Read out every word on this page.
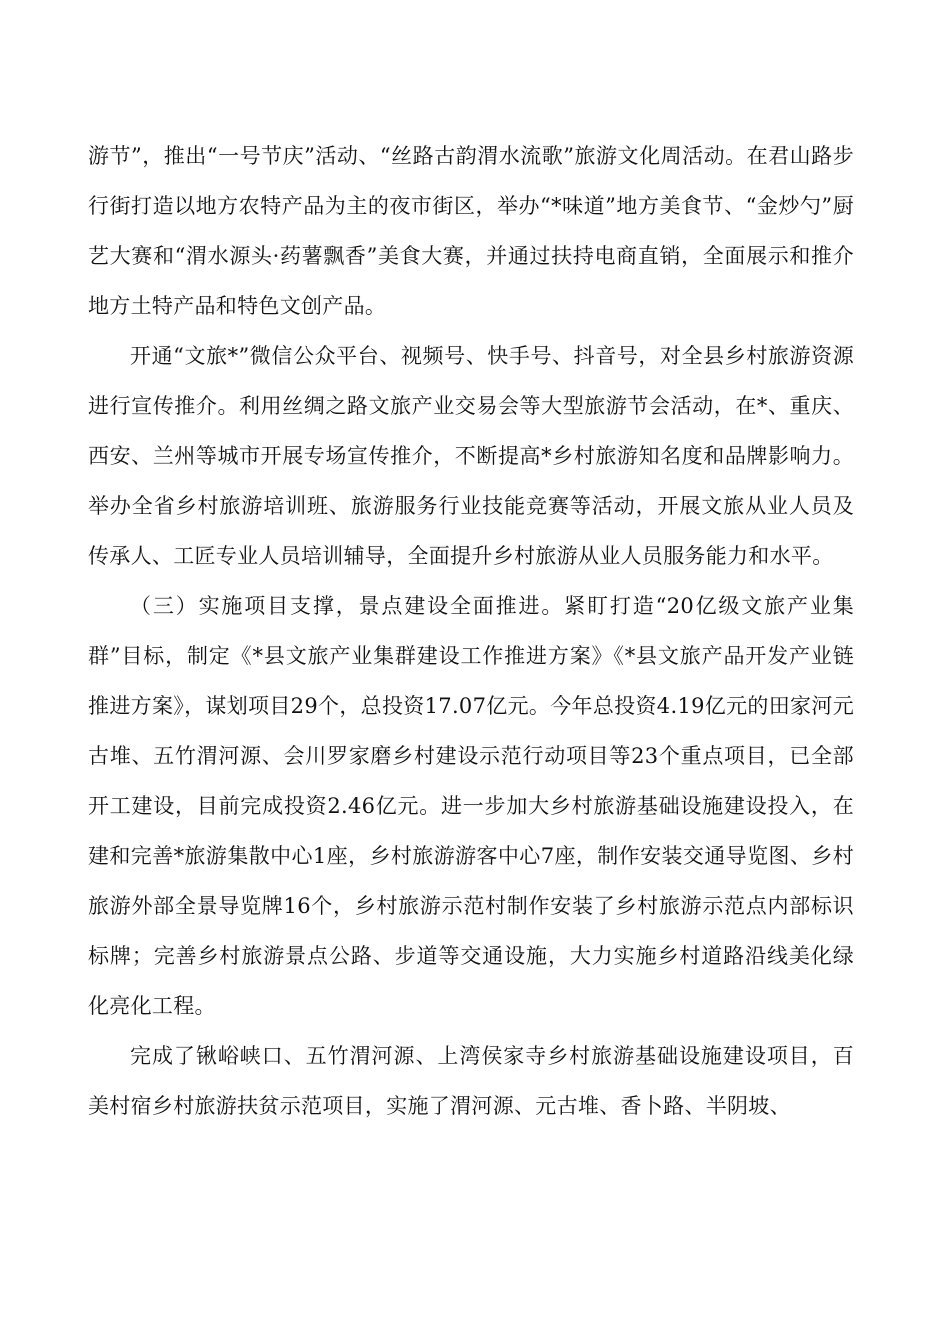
游节”，推出“一号节庆”活动、“丝路古韵渭水流歌”旅游文化周活动。在君山路步行街打造以地方农特产品为主的夜市街区，举办“*味道”地方美食节、“金炒勺”厨艺大赛和“渭水源头·药薯飘香”美食大赛，并通过扶持电商直销，全面展示和推介地方土特产品和特色文创产品。

开通“文旅*”微信公众平台、视频号、快手号、抖音号，对全县乡村旅游资源进行宣传推介。利用丝绸之路文旅产业交易会等大型旅游节会活动，在*、重庆、西安、兰州等城市开展专场宣传推介，不断提高*乡村旅游知名度和品牌影响力。举办全省乡村旅游培训班、旅游服务行业技能竞赛等活动，开展文旅从业人员及传承人、工匠专业人员培训辅导，全面提升乡村旅游从业人员服务能力和水平。

（三）实施项目支撑，景点建设全面推进。紧盯打造“20亿级文旅产业集群”目标，制定《*县文旅产业集群建设工作推进方案》《*县文旅产品开发产业链推进方案》，谋划项目29个，总投资17.07亿元。今年总投资4.19亿元的田家河元古堆、五竹渭河源、会川罗家磨乡村建设示范行动项目等23个重点项目，已全部开工建设，目前完成投资2.46亿元。进一步加大乡村旅游基础设施建设投入，在建和完善*旅游集散中心1座，乡村旅游游客中心7座，制作安装交通导览图、乡村旅游外部全景导览牌16个，乡村旅游示范村制作安装了乡村旅游示范点内部标识标牌；完善乡村旅游景点公路、步道等交通设施，大力实施乡村道路沿线美化绿化亮化工程。

完成了锹峪峡口、五竹渭河源、上湾侯家寺乡村旅游基础设施建设项目，百美村宿乡村旅游扶贫示范项目，实施了渭河源、元古堆、香卜路、半阴坡、
